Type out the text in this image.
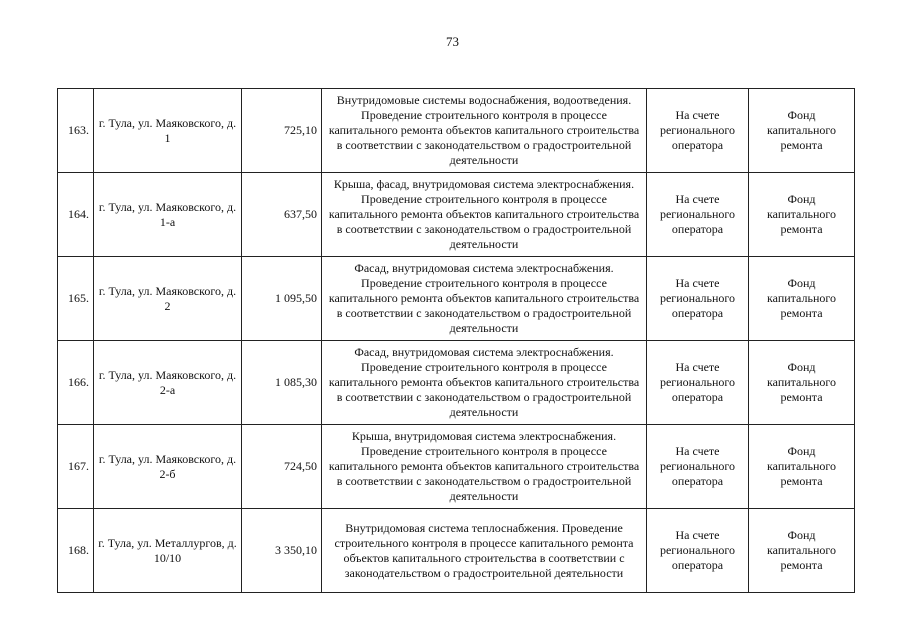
73
163.	г. Тула, ул. Маяковского, д. 1	725,10	Внутридомовые системы водоснабжения, водоотведения. Проведение строительного контроля в процессе капитального ремонта объектов капитального строительства в соответствии с законодательством о градостроительной деятельности	На счете регионального оператора	Фонд капитального ремонта
164.	г. Тула, ул. Маяковского, д. 1-а	637,50	Крыша, фасад, внутридомовая система электроснабжения. Проведение строительного контроля в процессе капитального ремонта объектов капитального строительства в соответствии с законодательством о градостроительной деятельности	На счете регионального оператора	Фонд капитального ремонта
165.	г. Тула, ул. Маяковского, д. 2	1 095,50	Фасад, внутридомовая система электроснабжения. Проведение строительного контроля в процессе капитального ремонта объектов капитального строительства в соответствии с законодательством о градостроительной деятельности	На счете регионального оператора	Фонд капитального ремонта
166.	г. Тула, ул. Маяковского, д. 2-а	1 085,30	Фасад, внутридомовая система электроснабжения. Проведение строительного контроля в процессе капитального ремонта объектов капитального строительства в соответствии с законодательством о градостроительной деятельности	На счете регионального оператора	Фонд капитального ремонта
167.	г. Тула, ул. Маяковского, д. 2-б	724,50	Крыша, внутридомовая система электроснабжения. Проведение строительного контроля в процессе капитального ремонта объектов капитального строительства в соответствии с законодательством о градостроительной деятельности	На счете регионального оператора	Фонд капитального ремонта
168.	г. Тула, ул. Металлургов, д. 10/10	3 350,10	Внутридомовая система теплоснабжения. Проведение строительного контроля в процессе капитального ремонта объектов капитального строительства в соответствии с законодательством о градостроительной деятельности	На счете регионального оператора	Фонд капитального ремонта
